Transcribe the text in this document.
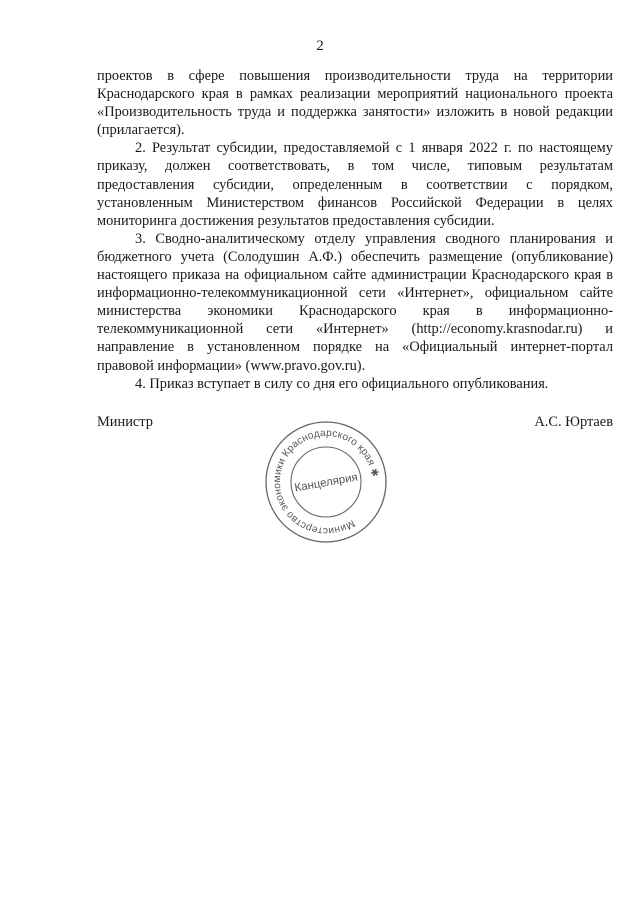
2

проектов в сфере повышения производительности труда на территории Краснодарского края в рамках реализации мероприятий национального проекта «Производительность труда и поддержка занятости» изложить в новой редакции (прилагается).

2. Результат субсидии, предоставляемой с 1 января 2022 г. по настоящему приказу, должен соответствовать, в том числе, типовым результатам предоставления субсидии, определенным в соответствии с порядком, установленным Министерством финансов Российской Федерации в целях мониторинга достижения результатов предоставления субсидии.

3. Сводно-аналитическому отделу управления сводного планирования и бюджетного учета (Солодушин А.Ф.) обеспечить размещение (опубликование) настоящего приказа на официальном сайте администрации Краснодарского края в информационно-телекоммуникационной сети «Интернет», официальном сайте министерства экономики Краснодарского края в информационно-телекоммуникационной сети «Интернет» (http://economy.krasnodar.ru) и направление в установленном порядке на «Официальный интернет-портал правовой информации» (www.pravo.gov.ru).

4. Приказ вступает в силу со дня его официального опубликования.

Министр	А.С. Юртаев
Министерство экономики Краснодарского края ✱
Канцелярия
